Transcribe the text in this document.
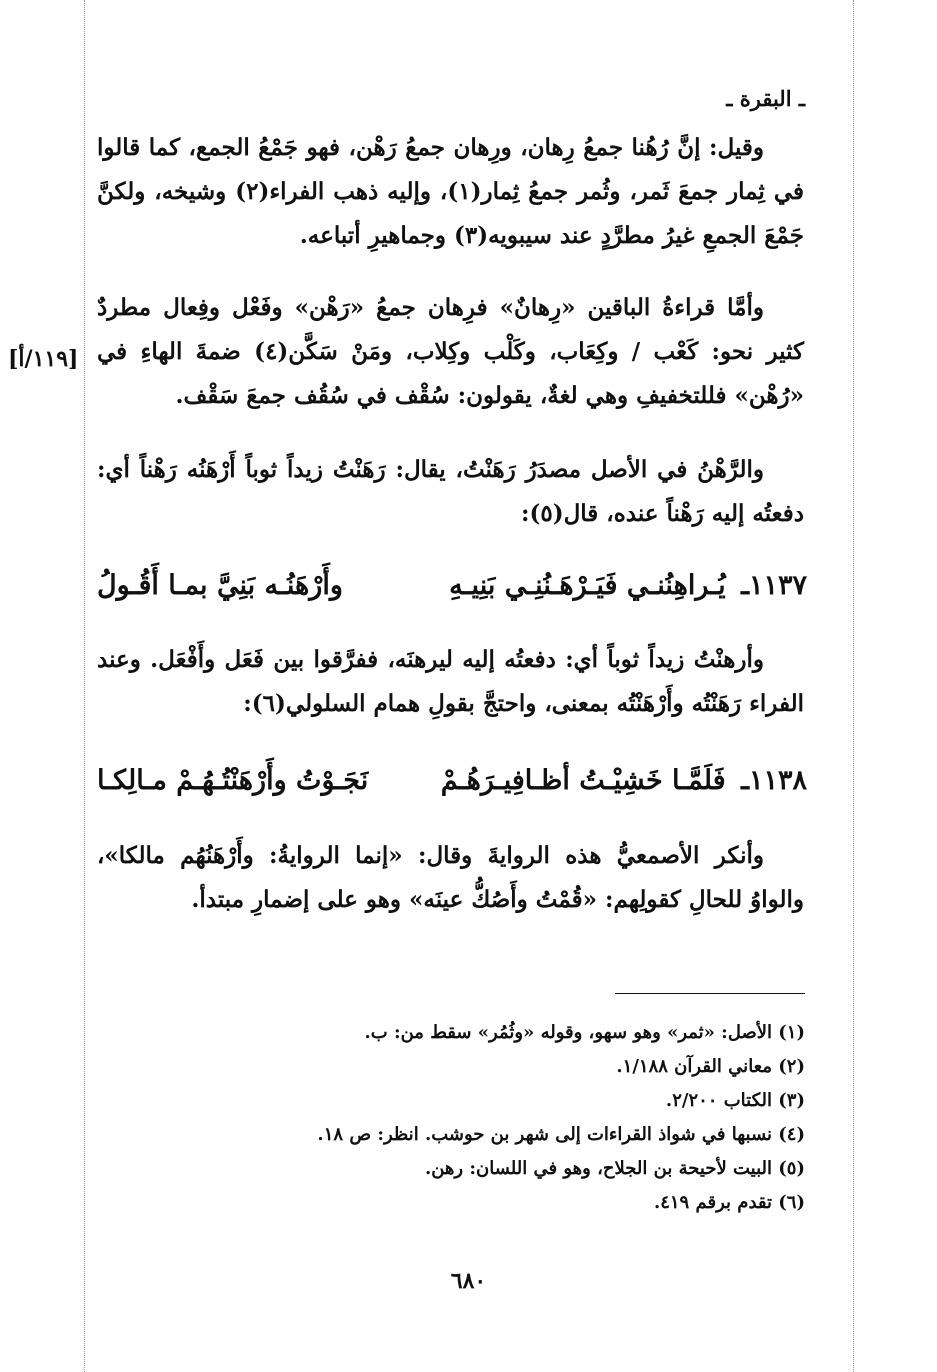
ـ البقرة ـ

وقيل: إنَّ رُهُنا جمعُ رِهان، ورِهان جمعُ رَهْن، فهو جَمْعُ الجمع، كما قالوا في ثِمار جمعَ ثَمر، وثُمر جمعُ ثِمار(١)، وإليه ذهب الفراء(٢) وشيخه، ولكنَّ جَمْعَ الجمعِ غيرُ مطرَّدٍ عند سيبويه(٣) وجماهيرِ أتباعه.

وأمَّا قراءةُ الباقين «رِهانٌ» فرِهان جمعُ «رَهْن» وفَعْل وفِعال مطردٌ كثير نحو: كَعْب / وكِعَاب، وكَلْب وكِلاب، ومَنْ سَكَّن(٤) ضمةَ الهاءِ في «رُهْن» فللتخفيفِ وهي لغةٌ، يقولون: سُقْف في سُقُف جمعَ سَقْف.

[١١٩/أ]

والرَّهْنُ في الأصل مصدَرُ رَهَنْتُ، يقال: رَهَنْتُ زيداً ثوباً أَرْهَنُه رَهْناً أي: دفعتُه إليه رَهْناً عنده، قال(٥):

١١٣٧ـ يُـراهِنُنـي فَيَـرْهَـنُنِـي بَنِيـهِ
وأَرْهَنُـه بَنِيَّ بمـا أَقُـولُ

وأرهنْتُ زيداً ثوباً أي: دفعتُه إليه ليرهنَه، ففرَّقوا بين فَعَل وأَفْعَل. وعند الفراء رَهَنْتُه وأَرْهَنْتُه بمعنى، واحتجَّ بقولِ همام السلولي(٦):

١١٣٨ـ فَلَمَّـا خَشِيْـتُ أظـافِيـرَهُـمْ
نَجَـوْتُ وأَرْهَنْتُـهُـمْ مـالِكـا

وأنكر الأصمعيُّ هذه الروايةَ وقال: «إنما الروايةُ: وأَرْهَنُهُم مالكا»، والواوُ للحالِ كقولِهم: «قُمْتُ وأَصُكُّ عينَه» وهو على إضمارِ مبتدأ.

(١) الأصل: «ثمر» وهو سهو، وقوله «وثُمُر» سقط من: ب.
(٢) معاني القرآن ١/١٨٨.
(٣) الكتاب ٢/٢٠٠.
(٤) نسبها في شواذ القراءات إلى شهر بن حوشب. انظر: ص ١٨.
(٥) البيت لأحيحة بن الجلاح، وهو في اللسان: رهن.
(٦) تقدم برقم ٤١٩.
٦٨٠
